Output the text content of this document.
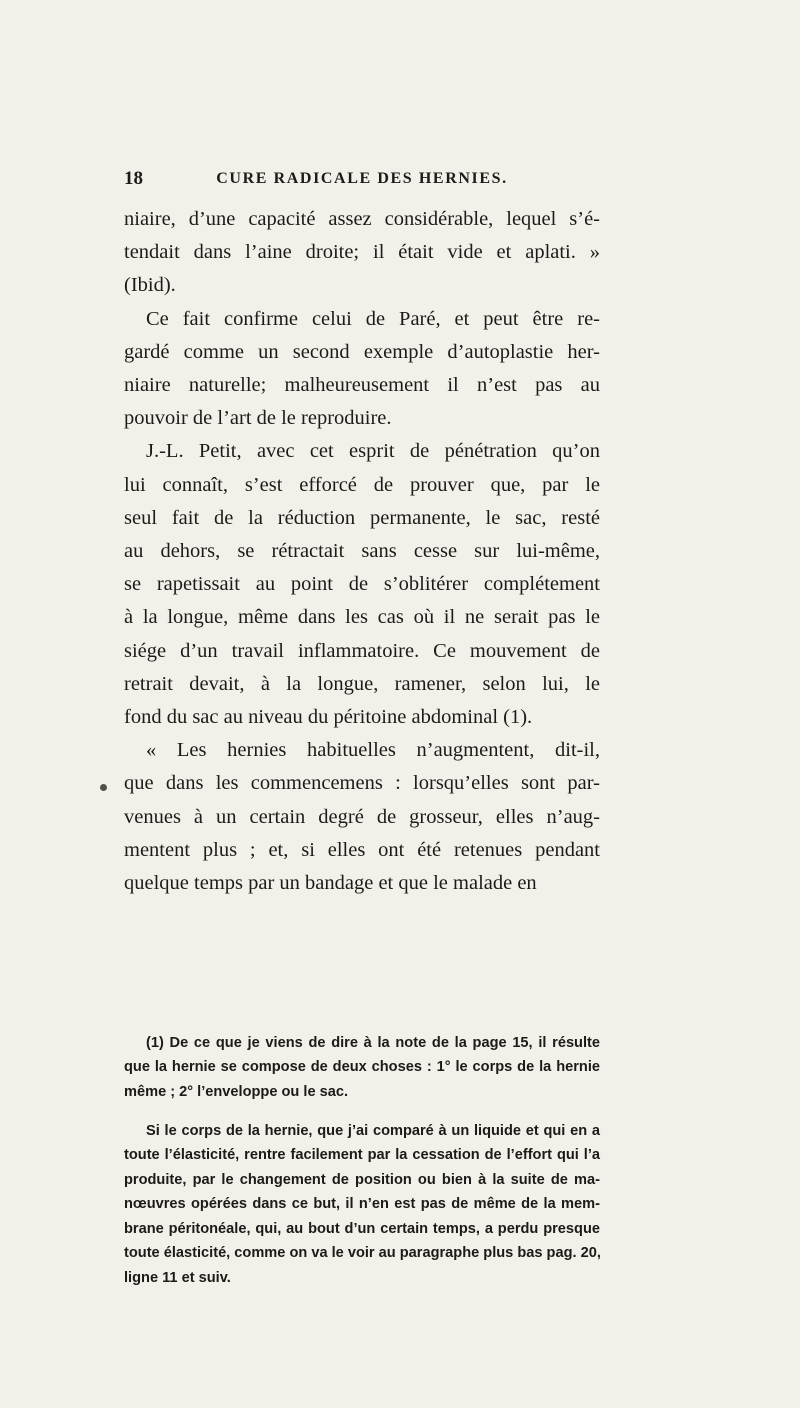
18	CURE RADICALE DES HERNIES.

niaire, d’une capacité assez considérable, lequel s’é-
tendait dans l’aine droite; il était vide et aplati. »
(Ibid).

Ce fait confirme celui de Paré, et peut être re-
gardé comme un second exemple d’autoplastie her-
niaire naturelle; malheureusement il n’est pas au
pouvoir de l’art de le reproduire.

J.-L. Petit, avec cet esprit de pénétration qu’on
lui connaît, s’est efforcé de prouver que, par le
seul fait de la réduction permanente, le sac, resté
au dehors, se rétractait sans cesse sur lui-même,
se rapetissait au point de s’oblitérer complétement
à la longue, même dans les cas où il ne serait pas le
siége d’un travail inflammatoire. Ce mouvement de
retrait devait, à la longue, ramener, selon lui, le
fond du sac au niveau du péritoine abdominal (1).

« Les hernies habituelles n’augmentent, dit-il,
que dans les commencemens : lorsqu’elles sont par-
venues à un certain degré de grosseur, elles n’aug-
mentent plus ; et, si elles ont été retenues pendant
quelque temps par un bandage et que le malade en

(1) De ce que je viens de dire à la note de la page 15, il résulte
que la hernie se compose de deux choses : 1° le corps de la hernie
même ; 2° l’enveloppe ou le sac.

Si le corps de la hernie, que j’ai comparé à un liquide et qui en a
toute l’élasticité, rentre facilement par la cessation de l’effort qui l’a
produite, par le changement de position ou bien à la suite de ma-
nœuvres opérées dans ce but, il n’en est pas de même de la mem-
brane péritonéale, qui, au bout d’un certain temps, a perdu presque
toute élasticité, comme on va le voir au paragraphe plus bas pag. 20,
ligne 11 et suiv.
